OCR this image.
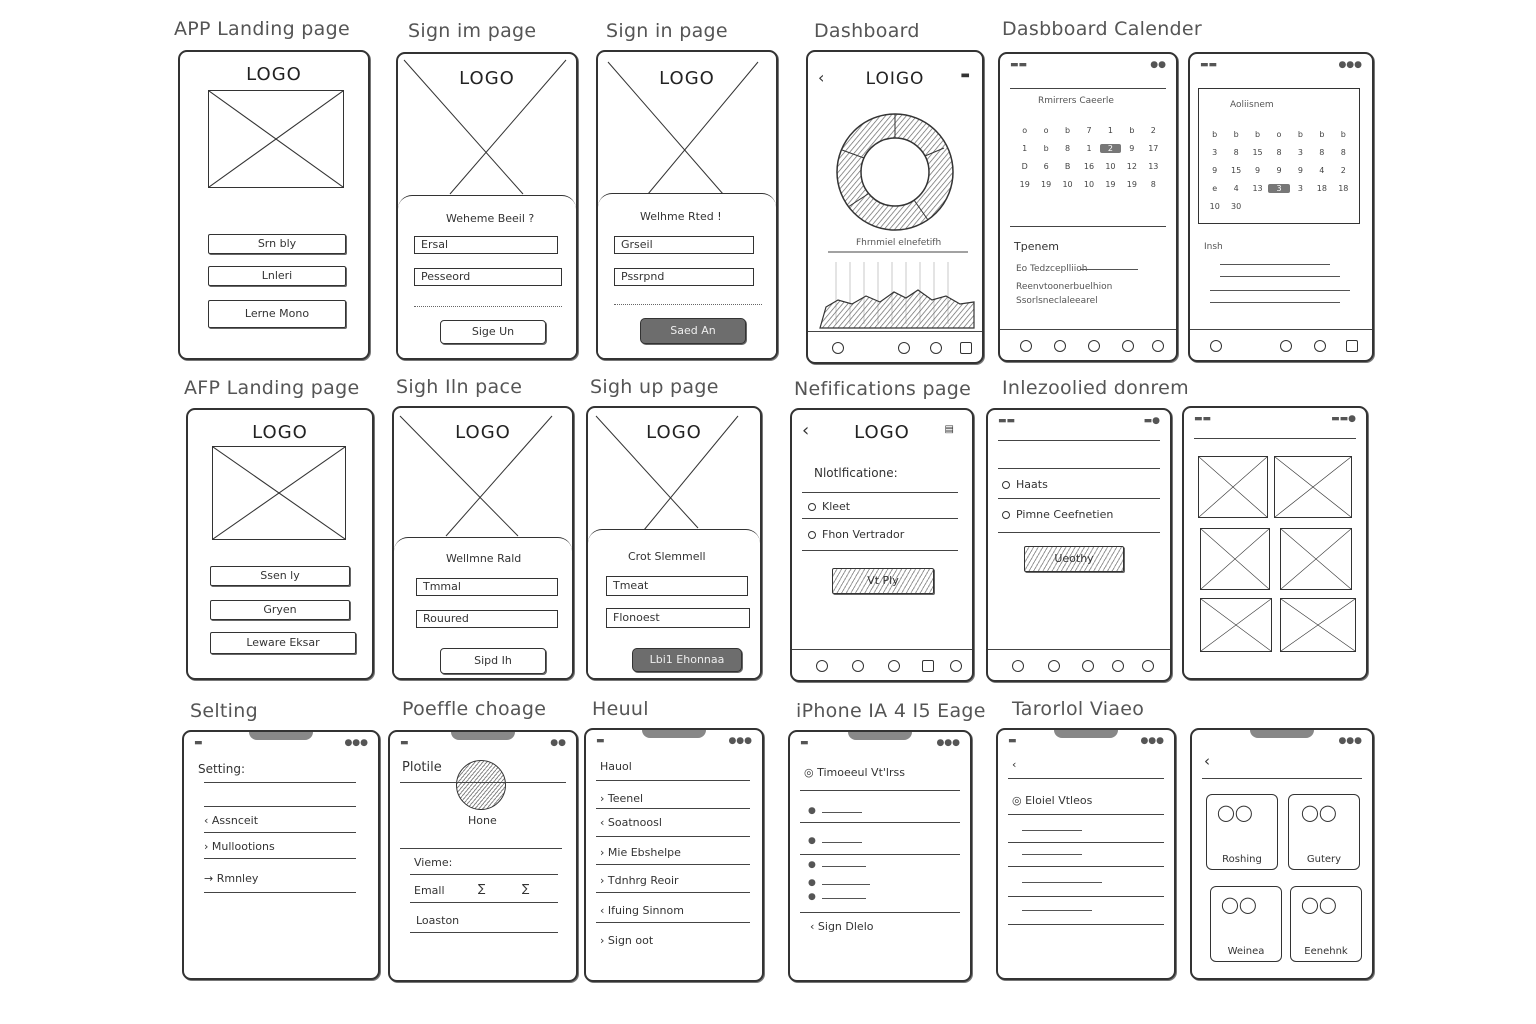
APP Landing page	Sign im page	Sign in page	Dashboard	Dasbboard Calender
AFP Landing page Sigh Iln pace	Sigh up page	Nefifications page Inlezoolied donrem
Selting	Poeffle choage Heuul	iPhone IA 4 I5 Eage Tarorlol Viaeo
LOGO
Srn bly
Lnleri
Lerne Mono
LOGO
Weheme Beeil ?
Ersal
Pesseord
Sige Un
LOGO
Welhme Rted !
Grseil
Pssrpnd
Saed An
‹	LOIGO	▬
Fhrnmiel elnefetifh
▬▬	●●
Rmirrers Caeerle
o	o	b	7	1	b	2
1	b	8	1	2	9	17
D	6	B	16	10	12	13
19	19	10	10	19	19	8
Tpenem
Eo Tedzceplliioh
Reenvtoonerbuelhion
Ssorlsneclaleearel
▬▬	●●●
Aoliisnem
b	b	b	o	b	b	b
3	8	15	8	3	8	8
9	15	9	9	9	4	2
e	4	13	3	3	18	18
10	30
Insh
LOGO
Ssen ly
Gryen
Leware Eksar
LOGO
Wellmne Rald
Tmmal
Rouured
Sipd Ih
LOGO
Crot Slemmell
Tmeat
Flonoest
Lbi1 Ehonnaa
‹	LOGO	▤
Nlotlficatione:
Kleet
Fhon Vertrador
Vt Ply
▬▬	▬●
Haats
Pimne Ceefnetien
Ueothy
▬▬	▬▬●
▬	●●●
Setting:
‹ Assnceit
› Mullootions
→ Rmnley
▬	●●
Plotile
Hone
Vieme:
Emall	∑	∑
Loaston
▬	●●●
Hauol
› Teenel
‹ Soatnoosl
› Mie Ebshelpe
› Tdnhrg Reoir
‹ Ifuing Sinnom
› Sign oot
▬	●●●
◎ Timoeeul Vt'lrss
●
●
●
●
●
‹ Sign Dlelo
▬	●●●
‹
◎ Eloiel Vtleos
●●●
‹
◯◯
Roshing
◯◯
Gutery
◯◯
Weinea
◯◯
Eenehnk
